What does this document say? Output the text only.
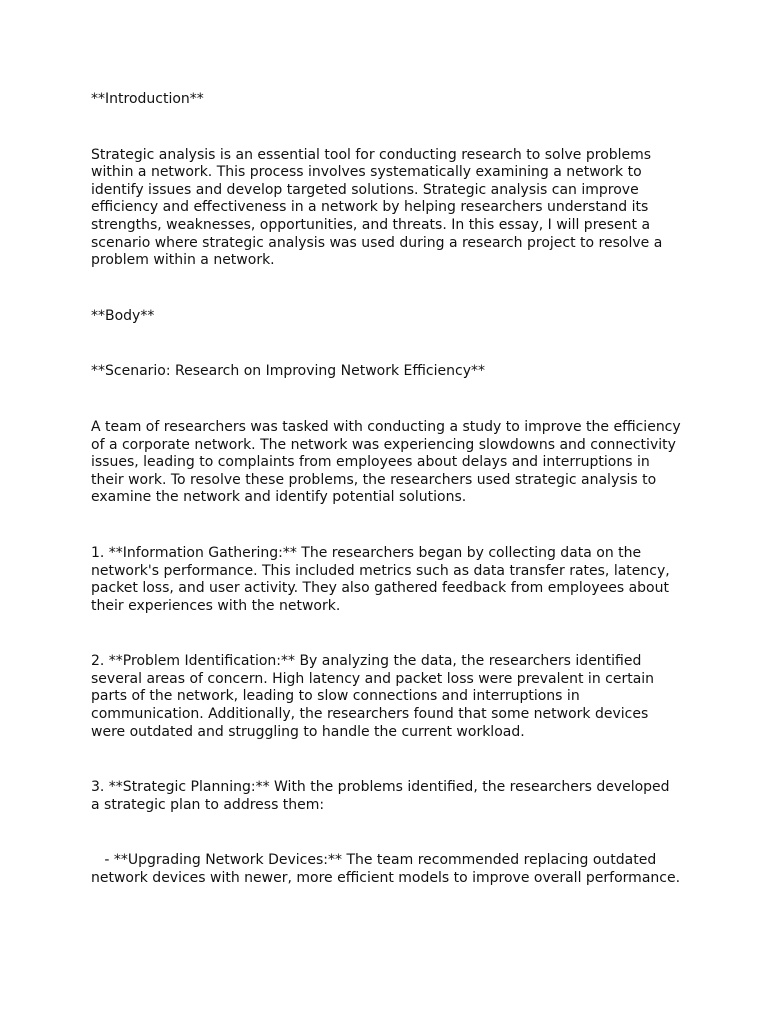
**Introduction**

Strategic analysis is an essential tool for conducting research to solve problems within a network. This process involves systematically examining a network to identify issues and develop targeted solutions. Strategic analysis can improve efficiency and effectiveness in a network by helping researchers understand its strengths, weaknesses, opportunities, and threats. In this essay, I will present a scenario where strategic analysis was used during a research project to resolve a problem within a network.

**Body**

**Scenario: Research on Improving Network Efficiency**

A team of researchers was tasked with conducting a study to improve the efficiency of a corporate network. The network was experiencing slowdowns and connectivity issues, leading to complaints from employees about delays and interruptions in their work. To resolve these problems, the researchers used strategic analysis to examine the network and identify potential solutions.

1. **Information Gathering:** The researchers began by collecting data on the network's performance. This included metrics such as data transfer rates, latency, packet loss, and user activity. They also gathered feedback from employees about their experiences with the network.

2. **Problem Identification:** By analyzing the data, the researchers identified several areas of concern. High latency and packet loss were prevalent in certain parts of the network, leading to slow connections and interruptions in communication. Additionally, the researchers found that some network devices were outdated and struggling to handle the current workload.

3. **Strategic Planning:** With the problems identified, the researchers developed a strategic plan to address them:

- **Upgrading Network Devices:** The team recommended replacing outdated network devices with newer, more efficient models to improve overall performance.
